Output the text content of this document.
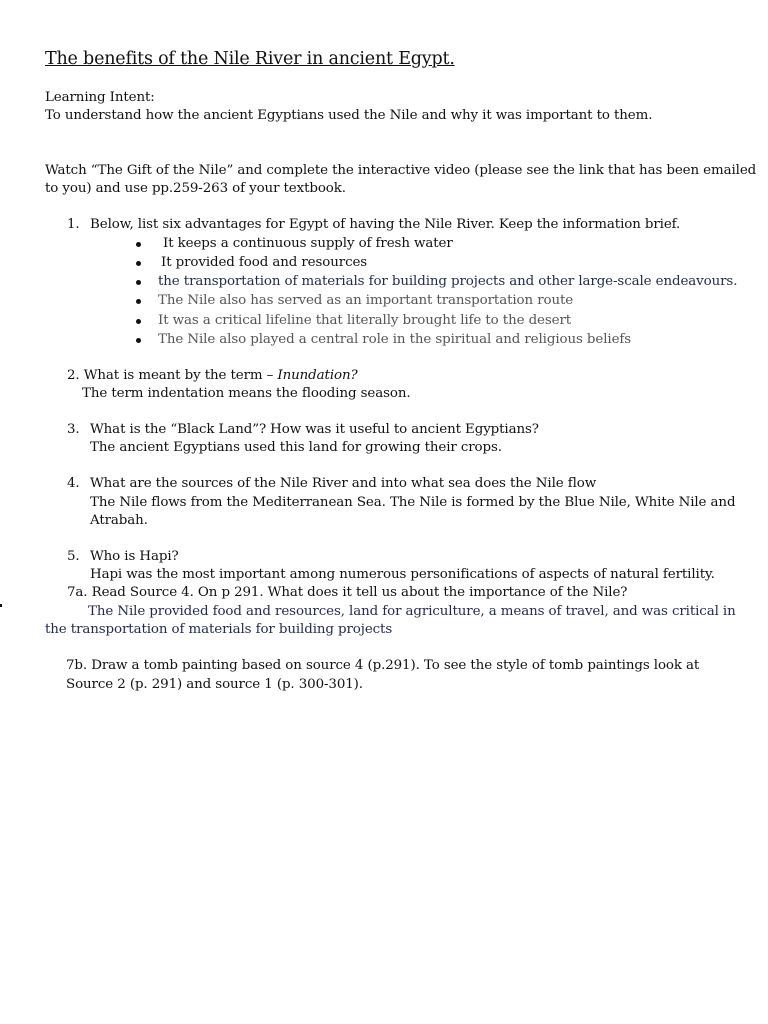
The benefits of the Nile River in ancient Egypt.
Learning Intent:
To understand how the ancient Egyptians used the Nile and why it was important to them.
Watch “The Gift of the Nile” and complete the interactive video (please see the link that has been emailed
to you) and use pp.259-263 of your textbook.
1. Below, list six advantages for Egypt of having the Nile River. Keep the information brief.
It keeps a continuous supply of fresh water
It provided food and resources
the transportation of materials for building projects and other large-scale endeavours.
The Nile also has served as an important transportation route
It was a critical lifeline that literally brought life to the desert
The Nile also played a central role in the spiritual and religious beliefs
2. What is meant by the term – Inundation?
The term indentation means the flooding season.
3. What is the “Black Land”? How was it useful to ancient Egyptians?
The ancient Egyptians used this land for growing their crops.
4. What are the sources of the Nile River and into what sea does the Nile flow
The Nile flows from the Mediterranean Sea. The Nile is formed by the Blue Nile, White Nile and
Atrabah.
5. Who is Hapi?
Hapi was the most important among numerous personifications of aspects of natural fertility.
7a. Read Source 4. On p 291. What does it tell us about the importance of the Nile?
The Nile provided food and resources, land for agriculture, a means of travel, and was critical in
the transportation of materials for building projects
7b. Draw a tomb painting based on source 4 (p.291). To see the style of tomb paintings look at
Source 2 (p. 291) and source 1 (p. 300-301).
